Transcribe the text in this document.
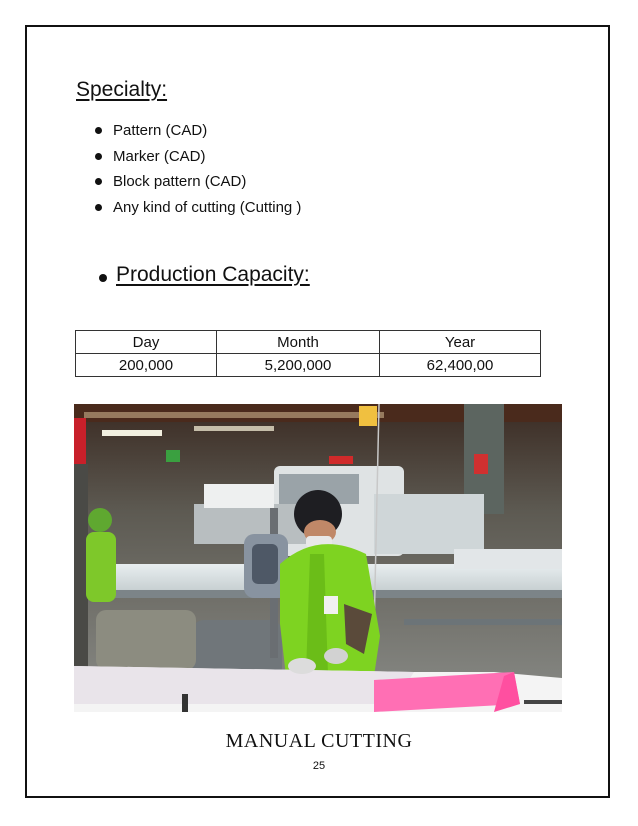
Specialty:
Pattern (CAD)
Marker (CAD)
Block pattern (CAD)
Any kind of cutting (Cutting )
Production Capacity:
Day	Month	Year
200,000	5,200,000	62,400,00
MANUAL CUTTING
25
